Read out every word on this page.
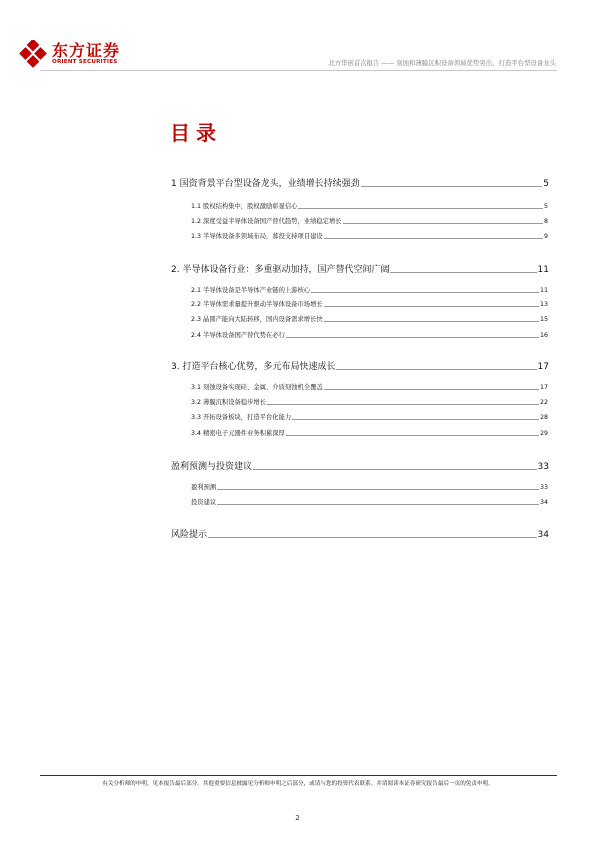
东方证券
ORIENT SECURITIES	北方华创首次报告 —— 刻蚀和薄膜沉积设备领域优势突出，打造平台型设备龙头
目录
1 国资背景平台型设备龙头，业绩增长持续强劲	5
1.1 股权结构集中，股权激励彰显信心	5
1.2 深度受益半导体设备国产替代趋势，业绩稳定增长	8
1.3 半导体设备多领域布局，募投支持项目建设	9
2. 半导体设备行业：多重驱动加持，国产替代空间广阔	11
2.1 半导体设备是半导体产业链的上游核心	11
2.2 半导体需求量提升驱动半导体设备市场增长	13
2.3 晶圆产能向大陆转移，国内设备需求增长快	15
2.4 半导体设备国产替代势在必行	16
3. 打造平台核心优势，多元布局快速成长	17
3.1 刻蚀设备实现硅、金属、介质刻蚀机全覆盖	17
3.2 薄膜沉积设备稳步增长	22
3.3 开拓设备板块，打造平台化能力	28
3.4 精密电子元器件业务积累深厚	29
盈利预测与投资建议	33
盈利预测	33
投资建议	34
风险提示	34
有关分析师的申明，见本报告最后部分。其他重要信息披露见分析师申明之后部分，或请与您的投资代表联系。并请阅读本证券研究报告最后一页的免责申明。
2
